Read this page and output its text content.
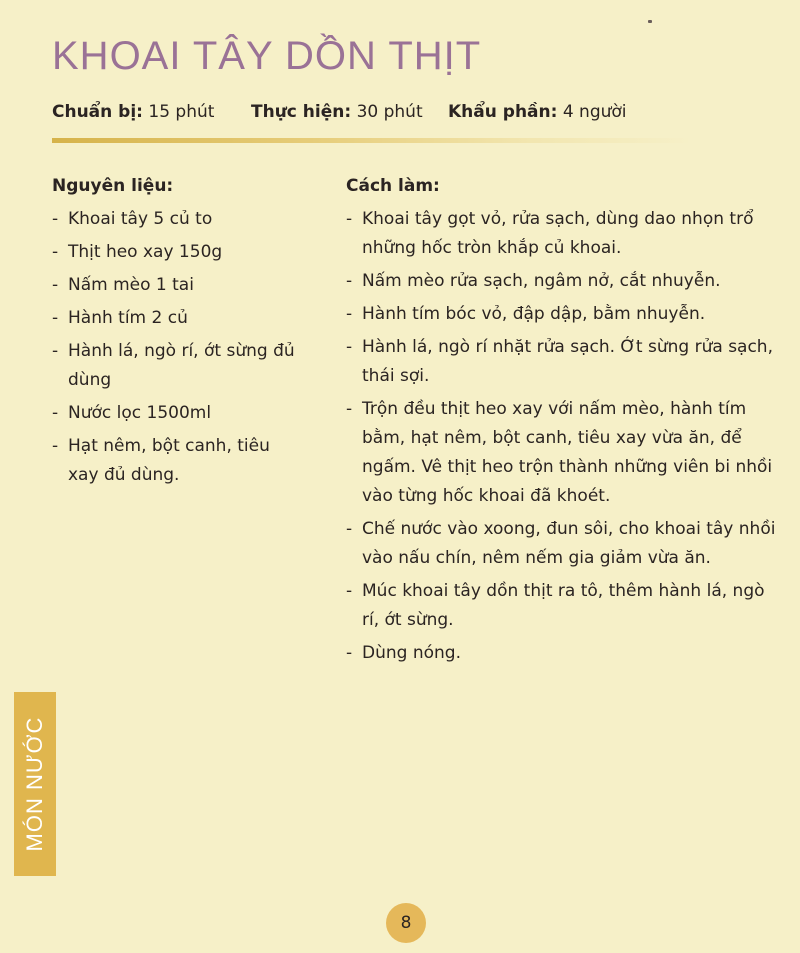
KHOAI TÂY DỒN THỊT
Chuẩn bị: 15 phút Thực hiện: 30 phút Khẩu phần: 4 người
Nguyên liệu:
- Khoai tây 5 củ to
- Thịt heo xay 150g
- Nấm mèo 1 tai
- Hành tím 2 củ
- Hành lá, ngò rí, ớt sừng đủ dùng
- Nước lọc 1500ml
- Hạt nêm, bột canh, tiêu xay đủ dùng.
Cách làm:
- Khoai tây gọt vỏ, rửa sạch, dùng dao nhọn trổ những hốc tròn khắp củ khoai.
- Nấm mèo rửa sạch, ngâm nở, cắt nhuyễn.
- Hành tím bóc vỏ, đập dập, bằm nhuyễn.
- Hành lá, ngò rí nhặt rửa sạch. Ớt sừng rửa sạch, thái sợi.
- Trộn đều thịt heo xay với nấm mèo, hành tím bằm, hạt nêm, bột canh, tiêu xay vừa ăn, để ngấm. Vê thịt heo trộn thành những viên bi nhồi vào từng hốc khoai đã khoét.
- Chế nước vào xoong, đun sôi, cho khoai tây nhồi vào nấu chín, nêm nếm gia giảm vừa ăn.
- Múc khoai tây dồn thịt ra tô, thêm hành lá, ngò rí, ớt sừng.
- Dùng nóng.
MÓN NƯỚC
8
